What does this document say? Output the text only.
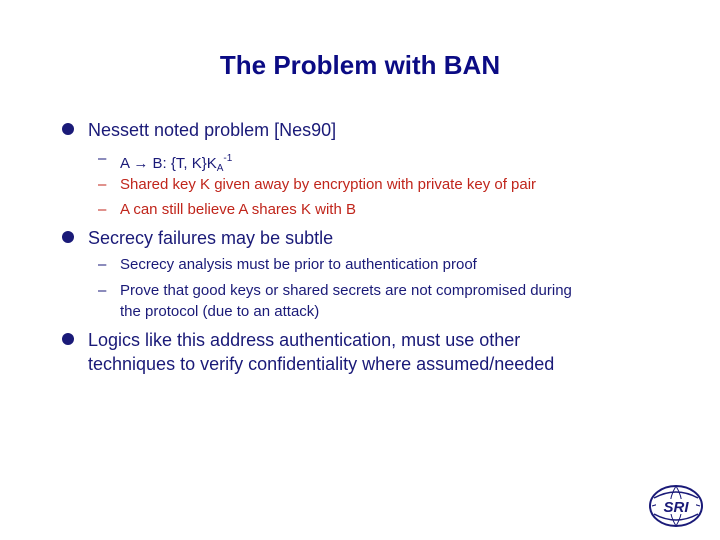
The Problem with BAN
Nessett noted problem [Nes90]
– A → B: {T, $K\}K_A^{-1}$
– Shared key K given away by encryption with private key of pair
– A can still believe A shares K with B
Secrecy failures may be subtle
– Secrecy analysis must be prior to authentication proof
– Prove that good keys or shared secrets are not compromised during
the protocol (due to an attack)
Logics like this address authentication, must use other
techniques to verify confidentiality where assumed/needed
SRI
